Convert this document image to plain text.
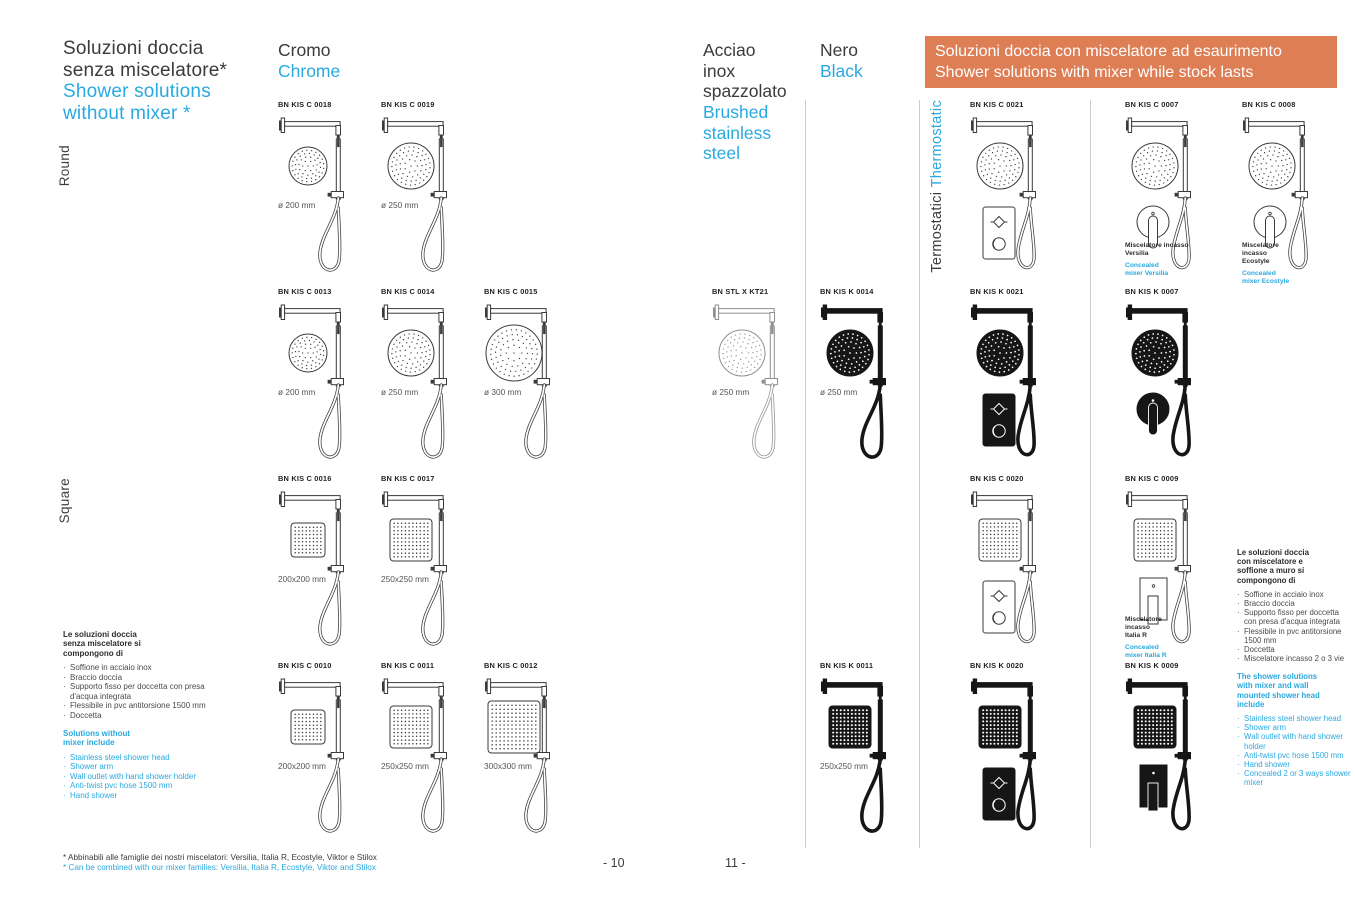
Soluzioni doccia
senza miscelatore*
Shower solutions
without mixer *
Round
Square
Cromo
Chrome
Acciao
inox
spazzolato
Brushed
stainless
steel
Nero
Black
Soluzioni doccia con miscelatore ad esaurimento
Shower solutions with mixer while stock lasts
Termostatici Thermostatic
BN KIS C 0018
ø 200 mm
BN KIS C 0019
ø 250 mm
BN KIS C 0013
ø 200 mm
BN KIS C 0014
ø 250 mm
BN KIS C 0015
ø 300 mm
BN KIS C 0016
200x200 mm
BN KIS C 0017
250x250 mm
BN KIS C 0010
200x200 mm
BN KIS C 0011
250x250 mm
BN KIS C 0012
300x300 mm
BN STL X KT21
ø 250 mm
BN KIS K 0014
ø 250 mm
BN KIS K 0011
250x250 mm
BN KIS C 0021
BN KIS K 0021
BN KIS C 0020
BN KIS K 0020
BN KIS C 0007
Miscelatore incasso
Versilia
Concealed
mixer Versilia
BN KIS C 0008
Miscelatore
incasso
Ecostyle
Concealed
mixer Ecostyle
BN KIS K 0007
BN KIS C 0009
Miscelatore
incasso
Italia R
Concealed
mixer Italia R
BN KIS K 0009
Le soluzioni doccia
senza miscelatore si
compongono di
· Soffione in acciaio inox
· Braccio doccia
· Supporto fisso per doccetta con presa d'acqua integrata
· Flessibile in pvc antitorsione 1500 mm
· Doccetta
Solutions without
mixer include
· Stainless steel shower head
· Shower arm
· Wall outlet with hand shower holder
· Anti-twist pvc hose 1500 mm
· Hand shower
Le soluzioni doccia
con miscelatore e
soffione a muro si
compongono di
· Soffione in acciaio inox
· Braccio doccia
· Supporto fisso per doccetta con presa d'acqua integrata
· Flessibile in pvc antitorsione 1500 mm
· Doccetta
· Miscelatore incasso 2 o 3 vie
The shower solutions
with mixer and wall
mounted shower head
include
· Stainless steel shower head
· Shower arm
· Wall outlet with hand shower holder
· Anti-twist pvc hose 1500 mm
· Hand shower
· Concealed 2 or 3 ways shower mixer
* Abbinabili alle famiglie dei nostri miscelatori: Versilia, Italia R, Ecostyle, Viktor e Stilox
* Can be combined with our mixer families: Versilia, Italia R, Ecostyle, Viktor and Stilox	- 10	11 -
